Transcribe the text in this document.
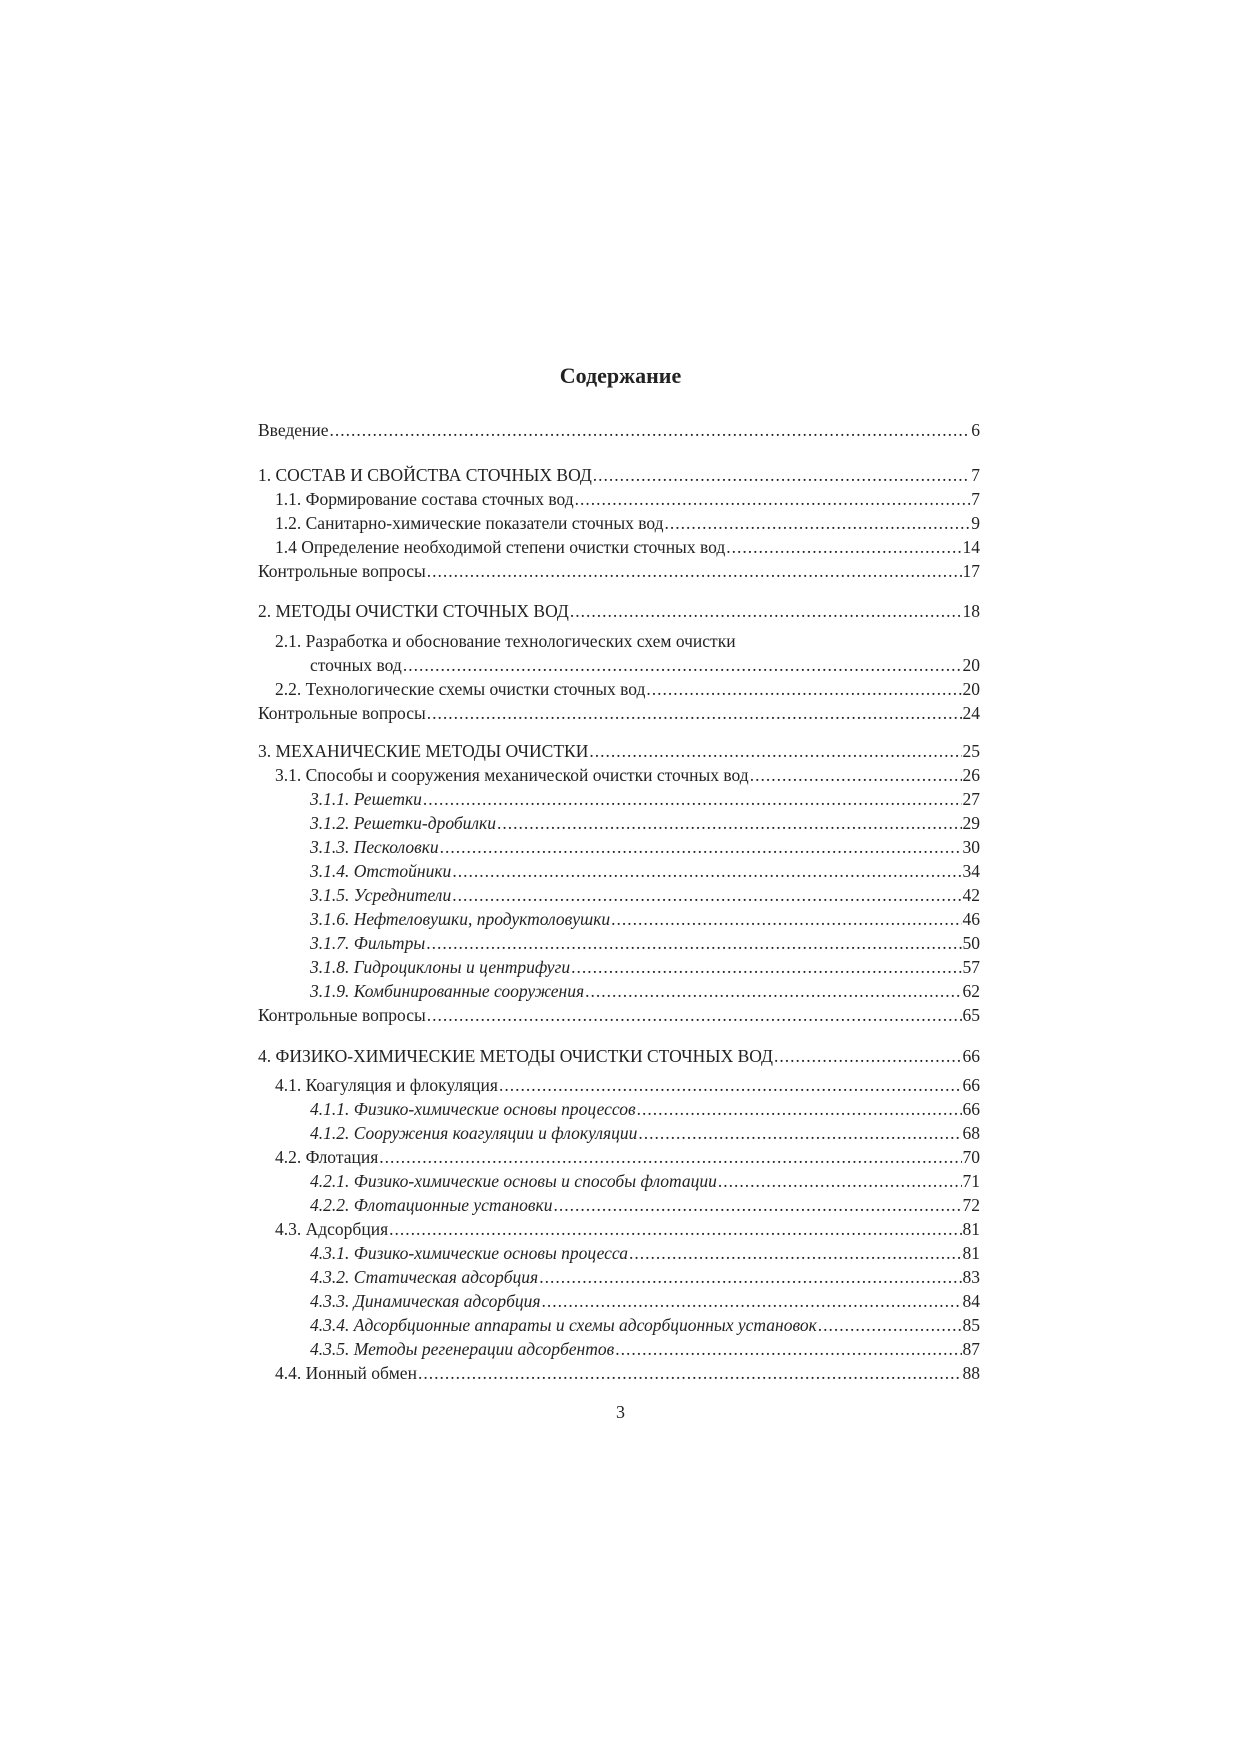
Содержание
Введение .....	6
1. СОСТАВ И СВОЙСТВА СТОЧНЫХ ВОД .....	7
1.1. Формирование состава сточных вод .....	7
1.2. Санитарно-химические показатели сточных вод .....	9
1.4 Определение необходимой степени очистки сточных вод .....	14
Контрольные вопросы .....	17
2. МЕТОДЫ ОЧИСТКИ СТОЧНЫХ ВОД .....	18
2.1. Разработка и обоснование технологических схем очистки
сточных вод .....	20
2.2. Технологические схемы очистки сточных вод .....	20
Контрольные вопросы .....	24
3. МЕХАНИЧЕСКИЕ МЕТОДЫ ОЧИСТКИ .....	25
3.1. Способы и сооружения механической очистки сточных вод .....	26
3.1.1. Решетки .....	27
3.1.2. Решетки-дробилки .....	29
3.1.3. Песколовки .....	30
3.1.4. Отстойники .....	34
3.1.5. Усреднители .....	42
3.1.6. Нефтеловушки, продуктоловушки .....	46
3.1.7. Фильтры .....	50
3.1.8. Гидроциклоны и центрифуги .....	57
3.1.9. Комбинированные сооружения .....	62
Контрольные вопросы .....	65
4. ФИЗИКО-ХИМИЧЕСКИЕ МЕТОДЫ ОЧИСТКИ СТОЧНЫХ ВОД .....	66
4.1. Коагуляция и флокуляция .....	66
4.1.1. Физико-химические основы процессов .....	66
4.1.2. Сооружения коагуляции и флокуляции .....	68
4.2. Флотация .....	70
4.2.1. Физико-химические основы и способы флотации .....	71
4.2.2. Флотационные установки .....	72
4.3. Адсорбция .....	81
4.3.1. Физико-химические основы процесса .....	81
4.3.2. Статическая адсорбция .....	83
4.3.3. Динамическая адсорбция .....	84
4.3.4. Адсорбционные аппараты и схемы адсорбционных установок .....	85
4.3.5. Методы регенерации адсорбентов .....	87
4.4. Ионный обмен .....	88
3
